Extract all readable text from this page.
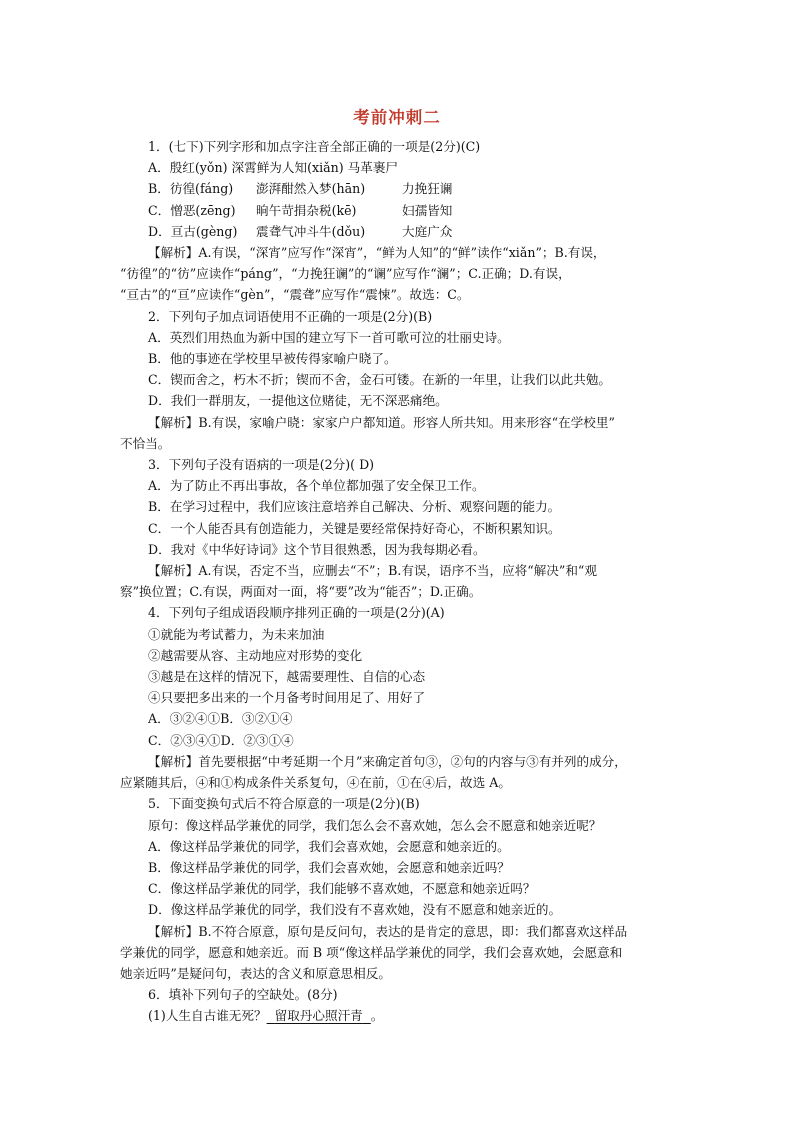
考前冲刺二
1．(七下)下列字形和加点字注音全部正确的一项是(2分)(C)
A．殷红(yǒn) 深霄鲜为人知(xiǎn) 马革裹尸
B．彷徨(fáng) 澎湃酣然入梦(hān)	力挽狂谰
C．憎恶(zēng) 晌午苛捐杂税(kē)	妇孺皆知
D．亘古(gèng) 震聋气冲斗牛(dǒu)	大庭广众
【解析】A.有误，“深宵”应写作“深宵”，“鲜为人知”的“鲜”读作“xiǎn”；B.有误，
“彷徨”的“彷”应读作“páng”，“力挽狂谰”的“谰”应写作“澜”；C.正确；D.有误，
“亘古”的“亘”应读作“gèn”，“震聋”应写作“震悚”。故选：C。
2．下列句子加点词语使用不正确的一项是(2分)(B)
A．英烈们用热血为新中国的建立写下一首可歌可泣的壮丽史诗。
B．他的事迹在学校里早被传得家喻户晓了。
C．锲而舍之，朽木不折；锲而不舍，金石可镂。在新的一年里，让我们以此共勉。
D．我们一群朋友，一提他这位赌徒，无不深恶痛绝。
【解析】B.有误，家喻户晓：家家户户都知道。形容人所共知。用来形容“在学校里”
不恰当。
3．下列句子没有语病的一项是(2分)( D)
A．为了防止不再出事故，各个单位都加强了安全保卫工作。
B．在学习过程中，我们应该注意培养自己解决、分析、观察问题的能力。
C．一个人能否具有创造能力，关键是要经常保持好奇心，不断积累知识。
D．我对《中华好诗词》这个节目很熟悉，因为我每期必看。
【解析】A.有误，否定不当，应删去“不”；B.有误，语序不当，应将“解决”和“观
察”换位置；C.有误，两面对一面，将“要”改为“能否”；D.正确。
4．下列句子组成语段顺序排列正确的一项是(2分)(A)
①就能为考试蓄力，为未来加油
②越需要从容、主动地应对形势的变化
③越是在这样的情况下，越需要理性、自信的心态
④只要把多出来的一个月备考时间用足了、用好了
A．③②④①B．③②①④
C．②③④①D．②③①④
【解析】首先要根据“中考延期一个月”来确定首句③，②句的内容与③有并列的成分，
应紧随其后，④和①构成条件关系复句，④在前，①在④后，故选 A。
5．下面变换句式后不符合原意的一项是(2分)(B)
原句：像这样品学兼优的同学，我们怎么会不喜欢她，怎么会不愿意和她亲近呢？
A．像这样品学兼优的同学，我们会喜欢她，会愿意和她亲近的。
B．像这样品学兼优的同学，我们会喜欢她，会愿意和她亲近吗？
C．像这样品学兼优的同学，我们能够不喜欢她，不愿意和她亲近吗？
D．像这样品学兼优的同学，我们没有不喜欢她，没有不愿意和她亲近的。
【解析】B.不符合原意，原句是反问句，表达的是肯定的意思，即：我们都喜欢这样品
学兼优的同学，愿意和她亲近。而 B 项“像这样品学兼优的同学，我们会喜欢她，会愿意和
她亲近吗”是疑问句，表达的含义和原意思相反。
6．填补下列句子的空缺处。(8分)
(1)人生自古谁无死？ 留取丹心照汗青 。
